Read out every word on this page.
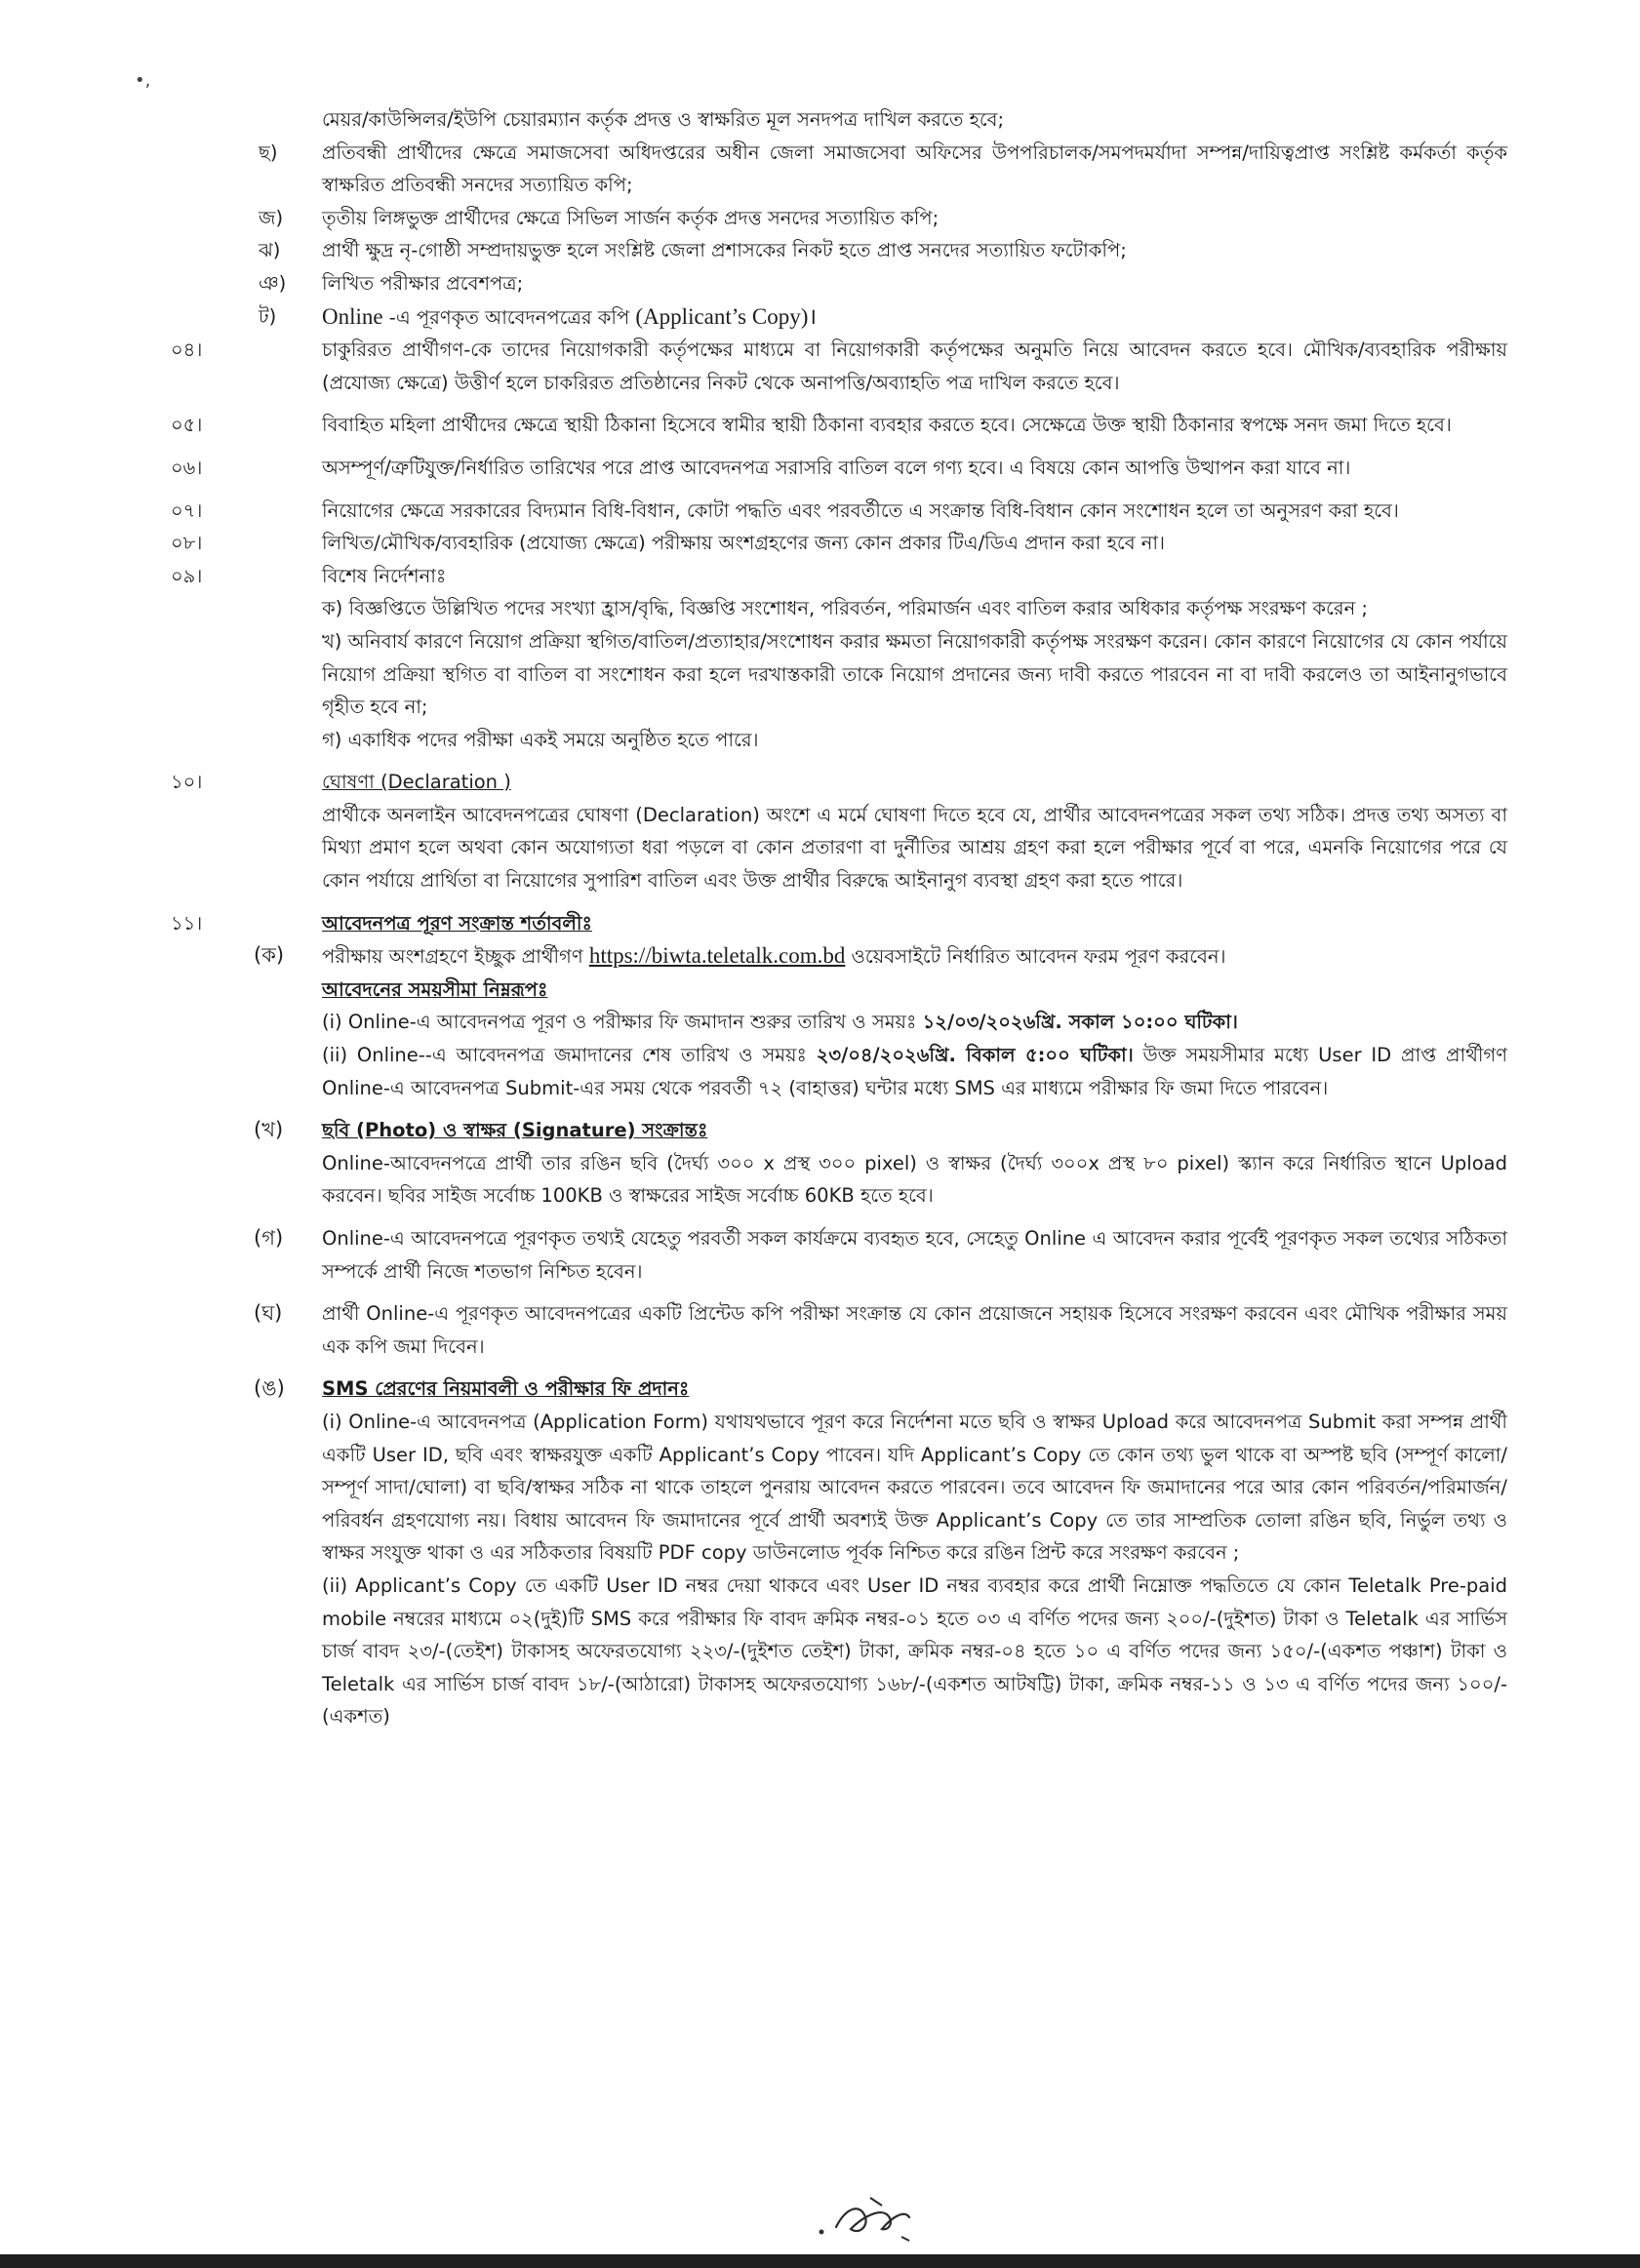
•,
মেয়র/কাউন্সিলর/ইউপি চেয়ারম্যান কর্তৃক প্রদত্ত ও স্বাক্ষরিত মূল সনদপত্র দাখিল করতে হবে;
ছ)	প্রতিবন্ধী প্রার্থীদের ক্ষেত্রে সমাজসেবা অধিদপ্তরের অধীন জেলা সমাজসেবা অফিসের উপপরিচালক/সমপদমর্যাদা সম্পন্ন/দায়িত্বপ্রাপ্ত সংশ্লিষ্ট কর্মকর্তা কর্তৃক স্বাক্ষরিত প্রতিবন্ধী সনদের সত্যায়িত কপি;
জ)	তৃতীয় লিঙ্গভুক্ত প্রার্থীদের ক্ষেত্রে সিভিল সার্জন কর্তৃক প্রদত্ত সনদের সত্যায়িত কপি;
ঝ)	প্রার্থী ক্ষুদ্র নৃ-গোষ্ঠী সম্প্রদায়ভুক্ত হলে সংশ্লিষ্ট জেলা প্রশাসকের নিকট হতে প্রাপ্ত সনদের সত্যায়িত ফটোকপি;
ঞ)	লিখিত পরীক্ষার প্রবেশপত্র;
ট)	Online -এ পূরণকৃত আবেদনপত্রের কপি (Applicant’s Copy)।
০৪।	চাকুরিরত প্রার্থীগণ-কে তাদের নিয়োগকারী কর্তৃপক্ষের মাধ্যমে বা নিয়োগকারী কর্তৃপক্ষের অনুমতি নিয়ে আবেদন করতে হবে। মৌখিক/ব্যবহারিক পরীক্ষায় (প্রযোজ্য ক্ষেত্রে) উত্তীর্ণ হলে চাকরিরত প্রতিষ্ঠানের নিকট থেকে অনাপত্তি/অব্যাহতি পত্র দাখিল করতে হবে।
০৫।	বিবাহিত মহিলা প্রার্থীদের ক্ষেত্রে স্থায়ী ঠিকানা হিসেবে স্বামীর স্থায়ী ঠিকানা ব্যবহার করতে হবে। সেক্ষেত্রে উক্ত স্থায়ী ঠিকানার স্বপক্ষে সনদ জমা দিতে হবে।
০৬।	অসম্পূর্ণ/ত্রুটিযুক্ত/নির্ধারিত তারিখের পরে প্রাপ্ত আবেদনপত্র সরাসরি বাতিল বলে গণ্য হবে। এ বিষয়ে কোন আপত্তি উত্থাপন করা যাবে না।
০৭।	নিয়োগের ক্ষেত্রে সরকারের বিদ্যমান বিধি-বিধান, কোটা পদ্ধতি এবং পরবর্তীতে এ সংক্রান্ত বিধি-বিধান কোন সংশোধন হলে তা অনুসরণ করা হবে।
০৮।	লিখিত/মৌখিক/ব্যবহারিক (প্রযোজ্য ক্ষেত্রে) পরীক্ষায় অংশগ্রহণের জন্য কোন প্রকার টিএ/ডিএ প্রদান করা হবে না।
০৯।	বিশেষ নির্দেশনাঃ
ক) বিজ্ঞপ্তিতে উল্লিখিত পদের সংখ্যা হ্রাস/বৃদ্ধি, বিজ্ঞপ্তি সংশোধন, পরিবর্তন, পরিমার্জন এবং বাতিল করার অধিকার কর্তৃপক্ষ সংরক্ষণ করেন ;
খ) অনিবার্য কারণে নিয়োগ প্রক্রিয়া স্থগিত/বাতিল/প্রত্যাহার/সংশোধন করার ক্ষমতা নিয়োগকারী কর্তৃপক্ষ সংরক্ষণ করেন। কোন কারণে নিয়োগের যে কোন পর্যায়ে নিয়োগ প্রক্রিয়া স্থগিত বা বাতিল বা সংশোধন করা হলে দরখাস্তকারী তাকে নিয়োগ প্রদানের জন্য দাবী করতে পারবেন না বা দাবী করলেও তা আইনানুগভাবে গৃহীত হবে না;
গ) একাধিক পদের পরীক্ষা একই সময়ে অনুষ্ঠিত হতে পারে।
১০।	ঘোষণা (Declaration )
প্রার্থীকে অনলাইন আবেদনপত্রের ঘোষণা (Declaration) অংশে এ মর্মে ঘোষণা দিতে হবে যে, প্রার্থীর আবেদনপত্রের সকল তথ্য সঠিক। প্রদত্ত তথ্য অসত্য বা মিথ্যা প্রমাণ হলে অথবা কোন অযোগ্যতা ধরা পড়লে বা কোন প্রতারণা বা দুর্নীতির আশ্রয় গ্রহণ করা হলে পরীক্ষার পূর্বে বা পরে, এমনকি নিয়োগের পরে যে কোন পর্যায়ে প্রার্থিতা বা নিয়োগের সুপারিশ বাতিল এবং উক্ত প্রার্থীর বিরুদ্ধে আইনানুগ ব্যবস্থা গ্রহণ করা হতে পারে।
১১।	আবেদনপত্র পূরণ সংক্রান্ত শর্তাবলীঃ
(ক)	পরীক্ষায় অংশগ্রহণে ইচ্ছুক প্রার্থীগণ https://biwta.teletalk.com.bd ওয়েবসাইটে নির্ধারিত আবেদন ফরম পূরণ করবেন।
আবেদনের সময়সীমা নিম্নরূপঃ
(i) Online-এ আবেদনপত্র পূরণ ও পরীক্ষার ফি জমাদান শুরুর তারিখ ও সময়ঃ ১২/০৩/২০২৬খ্রি. সকাল ১০:০০ ঘটিকা।
(ii) Online--এ আবেদনপত্র জমাদানের শেষ তারিখ ও সময়ঃ ২৩/০৪/২০২৬খ্রি. বিকাল ৫:০০ ঘটিকা। উক্ত সময়সীমার মধ্যে User ID প্রাপ্ত প্রার্থীগণ Online-এ আবেদনপত্র Submit-এর সময় থেকে পরবর্তী ৭২ (বাহাত্তর) ঘন্টার মধ্যে SMS এর মাধ্যমে পরীক্ষার ফি জমা দিতে পারবেন।
(খ)	ছবি (Photo) ও স্বাক্ষর (Signature) সংক্রান্তঃ
Online-আবেদনপত্রে প্রার্থী তার রঙিন ছবি (দৈর্ঘ্য ৩০০ x প্রস্থ ৩০০ pixel) ও স্বাক্ষর (দৈর্ঘ্য ৩০০x প্রস্থ ৮০ pixel) স্ক্যান করে নির্ধারিত স্থানে Upload করবেন। ছবির সাইজ সর্বোচ্চ 100KB ও স্বাক্ষরের সাইজ সর্বোচ্চ 60KB হতে হবে।
(গ)	Online-এ আবেদনপত্রে পূরণকৃত তথ্যই যেহেতু পরবর্তী সকল কার্যক্রমে ব্যবহৃত হবে, সেহেতু Online এ আবেদন করার পূর্বেই পূরণকৃত সকল তথ্যের সঠিকতা সম্পর্কে প্রার্থী নিজে শতভাগ নিশ্চিত হবেন।
(ঘ)	প্রার্থী Online-এ পূরণকৃত আবেদনপত্রের একটি প্রিন্টেড কপি পরীক্ষা সংক্রান্ত যে কোন প্রয়োজনে সহায়ক হিসেবে সংরক্ষণ করবেন এবং মৌখিক পরীক্ষার সময় এক কপি জমা দিবেন।
(ঙ)	SMS প্রেরণের নিয়মাবলী ও পরীক্ষার ফি প্রদানঃ
(i) Online-এ আবেদনপত্র (Application Form) যথাযথভাবে পূরণ করে নির্দেশনা মতে ছবি ও স্বাক্ষর Upload করে আবেদনপত্র Submit করা সম্পন্ন প্রার্থী একটি User ID, ছবি এবং স্বাক্ষরযুক্ত একটি Applicant’s Copy পাবেন। যদি Applicant’s Copy তে কোন তথ্য ভুল থাকে বা অস্পষ্ট ছবি (সম্পূর্ণ কালো/সম্পূর্ণ সাদা/ঘোলা) বা ছবি/স্বাক্ষর সঠিক না থাকে তাহলে পুনরায় আবেদন করতে পারবেন। তবে আবেদন ফি জমাদানের পরে আর কোন পরিবর্তন/পরিমার্জন/পরিবর্ধন গ্রহণযোগ্য নয়। বিধায় আবেদন ফি জমাদানের পূর্বে প্রার্থী অবশ্যই উক্ত Applicant’s Copy তে তার সাম্প্রতিক তোলা রঙিন ছবি, নির্ভুল তথ্য ও স্বাক্ষর সংযুক্ত থাকা ও এর সঠিকতার বিষয়টি PDF copy ডাউনলোড পূর্বক নিশ্চিত করে রঙিন প্রিন্ট করে সংরক্ষণ করবেন ;
(ii) Applicant’s Copy তে একটি User ID নম্বর দেয়া থাকবে এবং User ID নম্বর ব্যবহার করে প্রার্থী নিম্নোক্ত পদ্ধতিতে যে কোন Teletalk Pre-paid mobile নম্বরের মাধ্যমে ০২(দুই)টি SMS করে পরীক্ষার ফি বাবদ ক্রমিক নম্বর-০১ হতে ০৩ এ বর্ণিত পদের জন্য ২০০/-(দুইশত) টাকা ও Teletalk এর সার্ভিস চার্জ বাবদ ২৩/-(তেইশ) টাকাসহ অফেরতযোগ্য ২২৩/-(দুইশত তেইশ) টাকা, ক্রমিক নম্বর-০৪ হতে ১০ এ বর্ণিত পদের জন্য ১৫০/-(একশত পঞ্চাশ) টাকা ও Teletalk এর সার্ভিস চার্জ বাবদ ১৮/-(আঠারো) টাকাসহ অফেরতযোগ্য ১৬৮/-(একশত আটষট্টি) টাকা, ক্রমিক নম্বর-১১ ও ১৩ এ বর্ণিত পদের জন্য ১০০/-(একশত)
